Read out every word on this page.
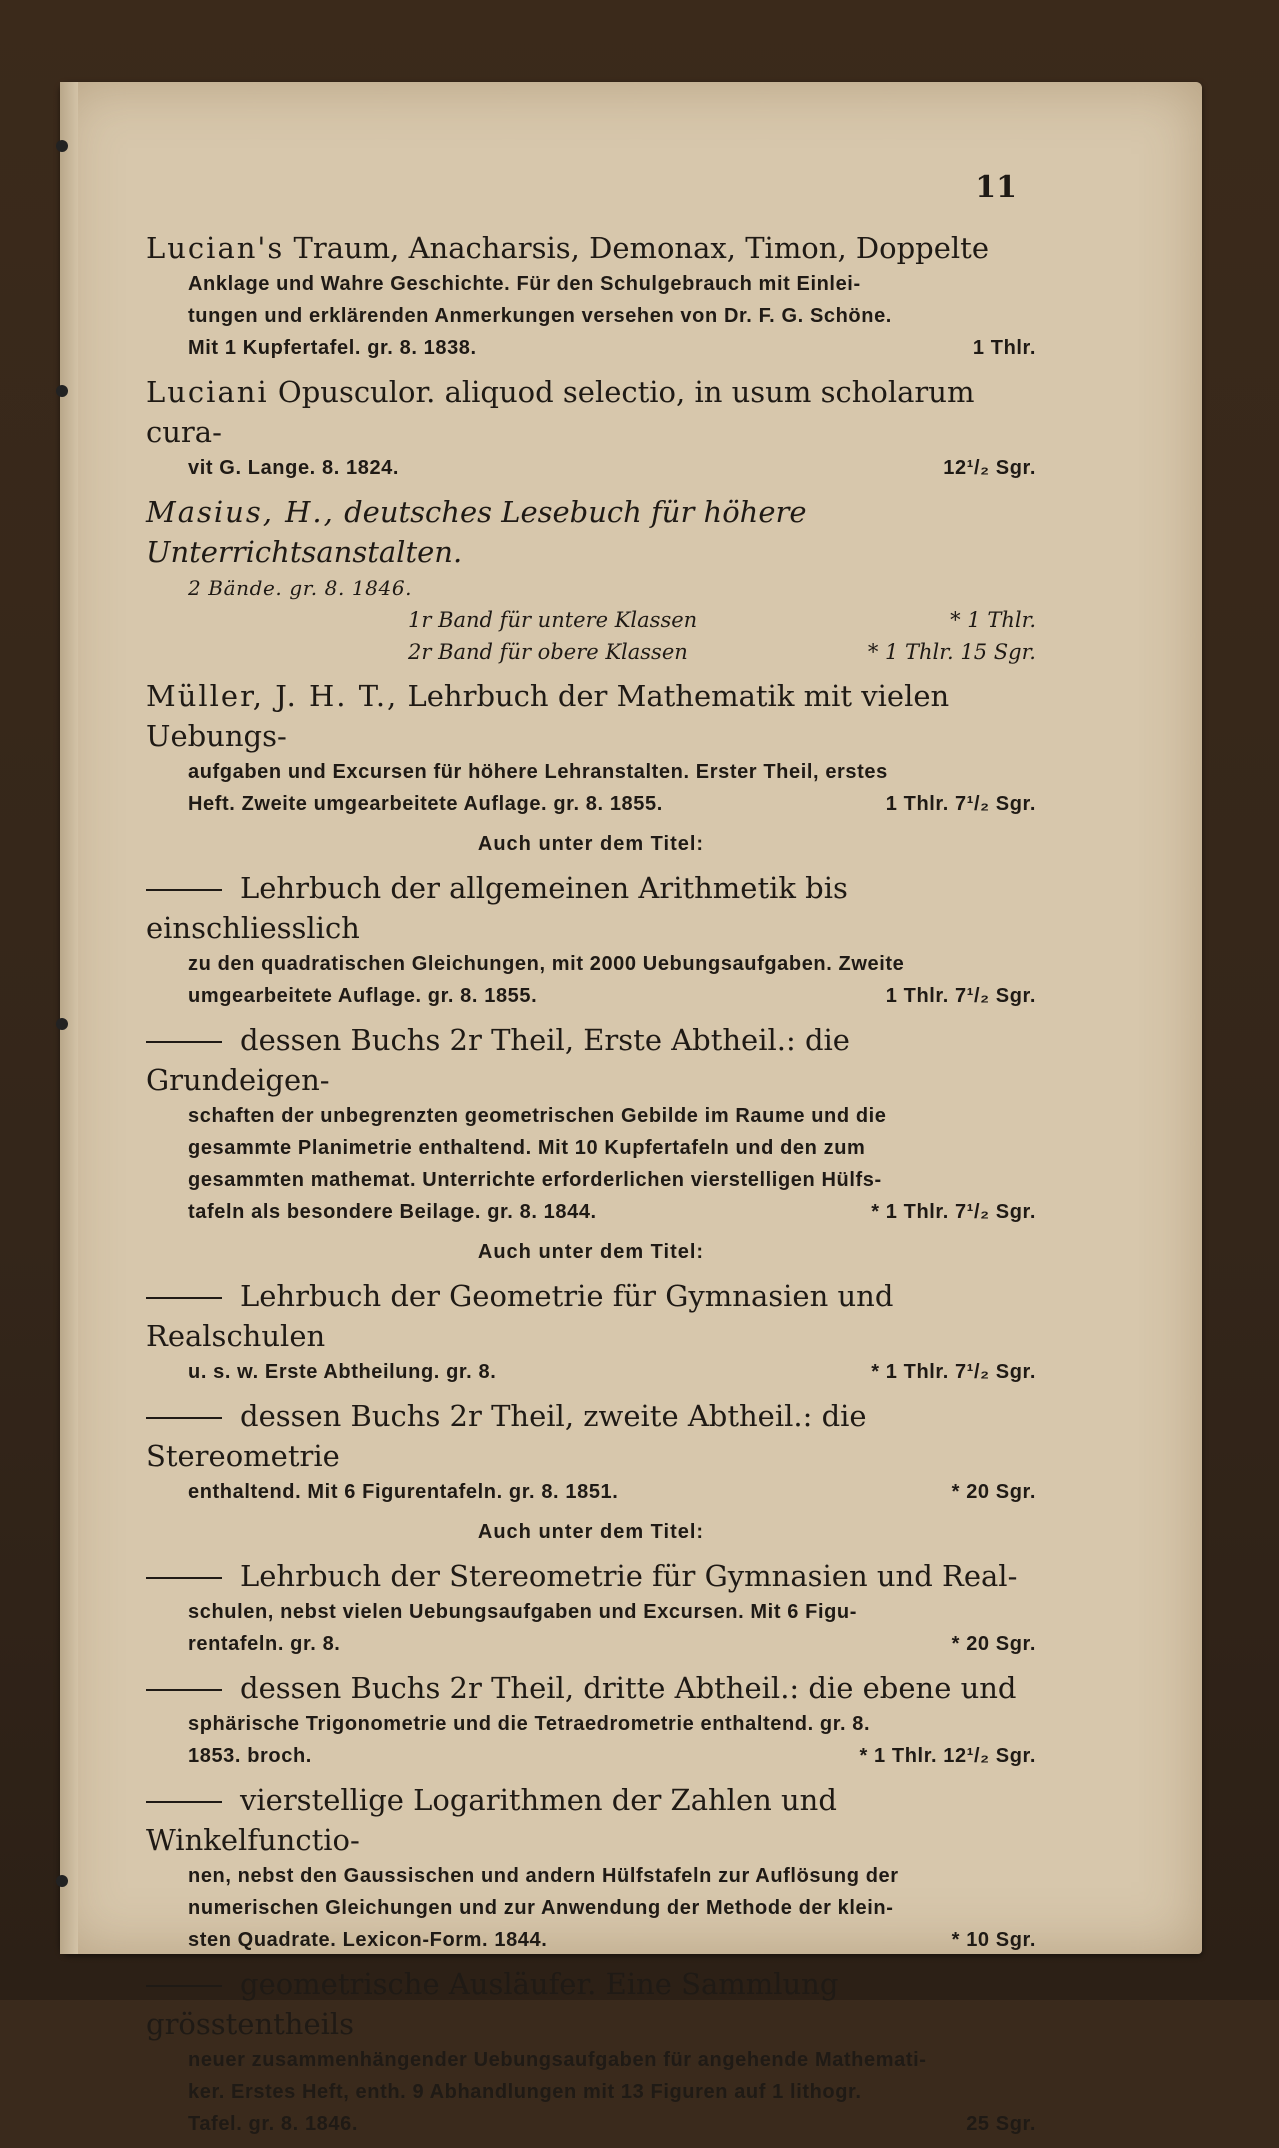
11
Lucian's Traum, Anacharsis, Demonax, Timon, Doppelte
Anklage und Wahre Geschichte. Für den Schulgebrauch mit Einlei-
tungen und erklärenden Anmerkungen versehen von Dr. F. G. Schöne.
Mit 1 Kupfertafel. gr. 8. 1838.	1 Thlr.
Luciani Opusculor. aliquod selectio, in usum scholarum cura-
vit G. Lange. 8. 1824.	12¹/₂ Sgr.
Masius, H., deutsches Lesebuch für höhere Unterrichtsanstalten.
2 Bände. gr. 8. 1846.
1r Band für untere Klassen	* 1 Thlr.
2r Band für obere Klassen	* 1 Thlr. 15 Sgr.
Müller, J. H. T., Lehrbuch der Mathematik mit vielen Uebungs-
aufgaben und Excursen für höhere Lehranstalten. Erster Theil, erstes
Heft. Zweite umgearbeitete Auflage. gr. 8. 1855.	1 Thlr. 7¹/₂ Sgr.
Auch unter dem Titel:
Lehrbuch der allgemeinen Arithmetik bis einschliesslich
zu den quadratischen Gleichungen, mit 2000 Uebungsaufgaben. Zweite
umgearbeitete Auflage. gr. 8. 1855.	1 Thlr. 7¹/₂ Sgr.
dessen Buchs 2r Theil, Erste Abtheil.: die Grundeigen-
schaften der unbegrenzten geometrischen Gebilde im Raume und die
gesammte Planimetrie enthaltend. Mit 10 Kupfertafeln und den zum
gesammten mathemat. Unterrichte erforderlichen vierstelligen Hülfs-
tafeln als besondere Beilage. gr. 8. 1844.	* 1 Thlr. 7¹/₂ Sgr.
Auch unter dem Titel:
Lehrbuch der Geometrie für Gymnasien und Realschulen
u. s. w. Erste Abtheilung. gr. 8.	* 1 Thlr. 7¹/₂ Sgr.
dessen Buchs 2r Theil, zweite Abtheil.: die Stereometrie
enthaltend. Mit 6 Figurentafeln. gr. 8. 1851.	* 20 Sgr.
Auch unter dem Titel:
Lehrbuch der Stereometrie für Gymnasien und Real-
schulen, nebst vielen Uebungsaufgaben und Excursen. Mit 6 Figu-
rentafeln. gr. 8.	* 20 Sgr.
dessen Buchs 2r Theil, dritte Abtheil.: die ebene und
sphärische Trigonometrie und die Tetraedrometrie enthaltend. gr. 8.
1853. broch.	* 1 Thlr. 12¹/₂ Sgr.
vierstellige Logarithmen der Zahlen und Winkelfunctio-
nen, nebst den Gaussischen und andern Hülfstafeln zur Auflösung der
numerischen Gleichungen und zur Anwendung der Methode der klein-
sten Quadrate. Lexicon-Form. 1844.	* 10 Sgr.
geometrische Ausläufer. Eine Sammlung grösstentheils
neuer zusammenhängender Uebungsaufgaben für angehende Mathemati-
ker. Erstes Heft, enth. 9 Abhandlungen mit 13 Figuren auf 1 lithogr.
Tafel. gr. 8. 1846.	25 Sgr.
